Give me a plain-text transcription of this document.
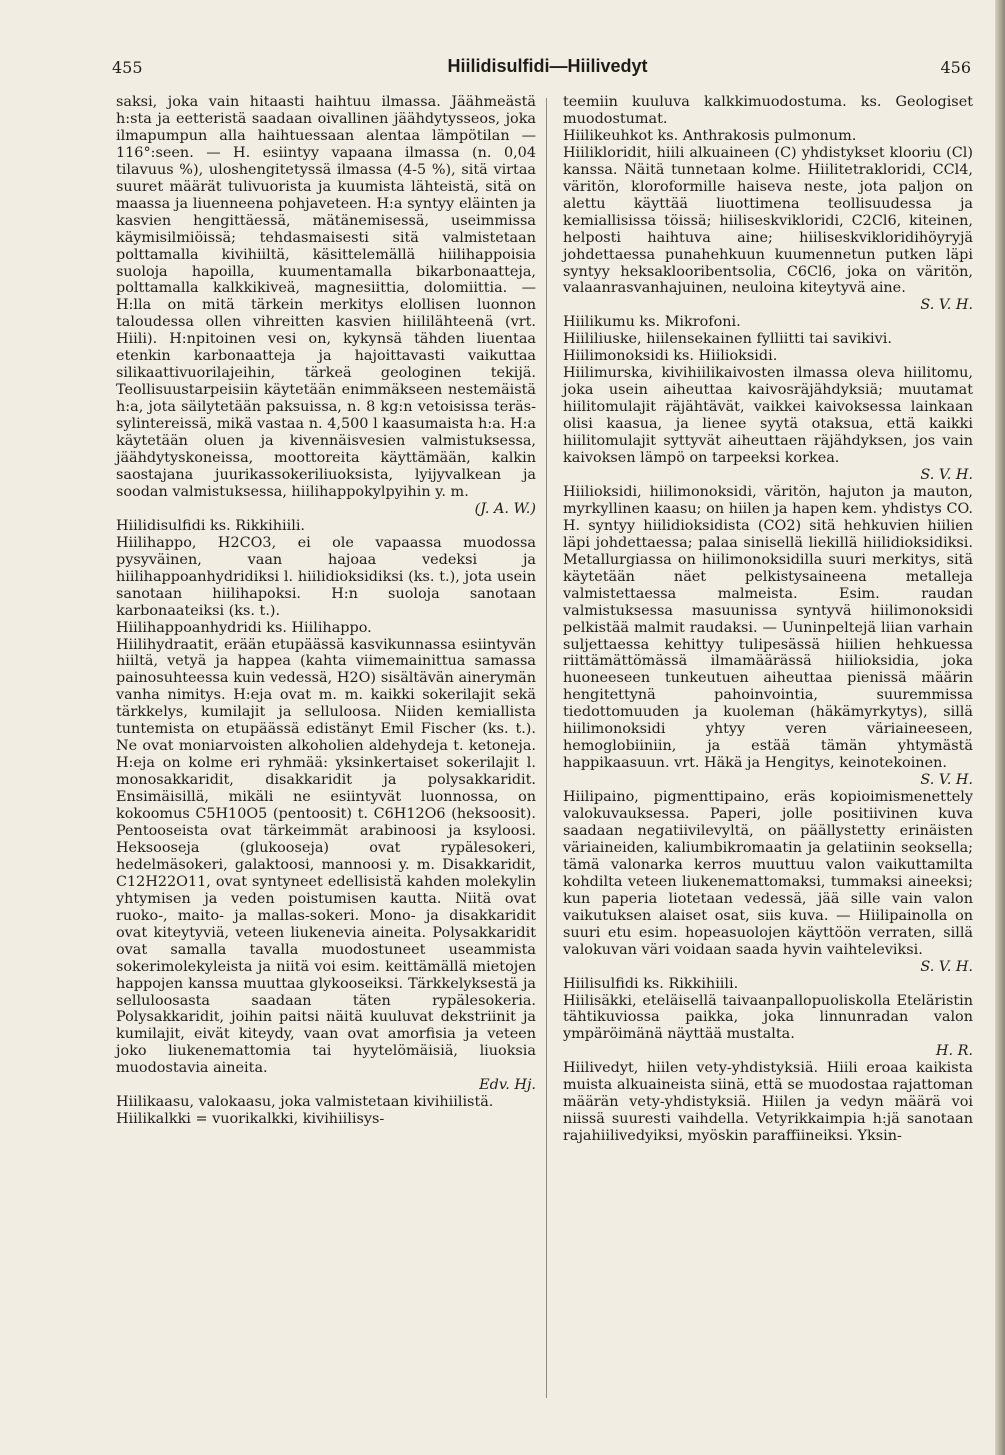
455	Hiilidisulfidi—Hiilivedyt	456

saksi, joka vain hitaasti haihtuu ilmassa. Jäähmeästä h:sta ja eetteristä saadaan oivallinen jäähdytysseos, joka ilmapumpun alla haihtuessaan alentaa lämpötilan — 116°:seen. — H. esiintyy vapaana ilmassa (n. 0,04 tilavuus %), uloshengitetyssä ilmassa (4-5 %), sitä virtaa suuret määrät tulivuorista ja kuumista lähteistä, sitä on maassa ja liuenneena pohjaveteen. H:a syntyy eläinten ja kasvien hengittäessä, mätänemisessä, useimmissa käymisilmiöissä; tehdasmaisesti sitä valmistetaan polttamalla kivihiiltä, käsittelemällä hiilihappoisia suoloja hapoilla, kuumentamalla bikarbonaatteja, polttamalla kalkkikiveä, magnesiittia, dolomiittia. — H:lla on mitä tärkein merkitys elollisen luonnon taloudessa ollen vihreitten kasvien hiililähteenä (vrt. Hiili). H:npitoinen vesi on, kykynsä tähden liuentaa etenkin karbonaatteja ja hajoittavasti vaikuttaa silikaattivuorilajeihin, tärkeä geologinen tekijä. Teollisuustarpeisiin käytetään enimmäkseen nestemäistä h:a, jota säilytetään paksuissa, n. 8 kg:n vetoisissa teräs-sylintereissä, mikä vastaa n. 4,500 l kaasumaista h:a. H:a käytetään oluen ja kivennäisvesien valmistuksessa, jäähdytyskoneissa, moottoreita käyttämään, kalkin saostajana juurikassokeriliuoksista, lyijyvalkean ja soodan valmistuksessa, hiilihappokylpyihin y. m.

(J. A. W.)

Hiilidisulfidi ks. Rikkihiili.

Hiilihappo, H2CO3, ei ole vapaassa muodossa pysyväinen, vaan hajoaa vedeksi ja hiilihappoanhydridiksi l. hiilidioksidiksi (ks. t.), jota usein sanotaan hiilihapoksi. H:n suoloja sanotaan karbonaateiksi (ks. t.).

Hiilihappoanhydridi ks. Hiilihappo.

Hiilihydraatit, erään etupäässä kasvikunnassa esiintyvän hiiltä, vetyä ja happea (kahta viimemainittua samassa painosuhteessa kuin vedessä, H2O) sisältävän ainerymän vanha nimitys. H:eja ovat m. m. kaikki sokerilajit sekä tärkkelys, kumilajit ja selluloosa. Niiden kemiallista tuntemista on etupäässä edistänyt Emil Fischer (ks. t.). Ne ovat moniarvoisten alkoholien aldehydeja t. ketoneja. H:eja on kolme eri ryhmää: yksinkertaiset sokerilajit l. monosakkaridit, disakkaridit ja polysakkaridit. Ensimäisillä, mikäli ne esiintyvät luonnossa, on kokoomus C5H10O5 (pentoosit) t. C6H12O6 (heksoosit). Pentooseista ovat tärkeimmät arabinoosi ja ksyloosi. Heksooseja (glukooseja) ovat rypälesokeri, hedelmäsokeri, galaktoosi, mannoosi y. m. Disakkaridit, C12H22O11, ovat syntyneet edellisistä kahden molekylin yhtymisen ja veden poistumisen kautta. Niitä ovat ruoko-, maito- ja mallas-sokeri. Mono- ja disakkaridit ovat kiteytyviä, veteen liukenevia aineita. Polysakkaridit ovat samalla tavalla muodostuneet useammista sokerimolekyleista ja niitä voi esim. keittämällä mietojen happojen kanssa muuttaa glykooseiksi. Tärkkelyksestä ja selluloosasta saadaan täten rypälesokeria. Polysakkaridit, joihin paitsi näitä kuuluvat dekstriinit ja kumilajit, eivät kiteydy, vaan ovat amorfisia ja veteen joko liukenemattomia tai hyytelömäisiä, liuoksia muodostavia aineita.

Edv. Hj.

Hiilikaasu, valokaasu, joka valmistetaan kivihiilistä.

Hiilikalkki = vuorikalkki, kivihiilisys-

teemiin kuuluva kalkkimuodostuma. ks. Geologiset muodostumat.

Hiilikeuhkot ks. Anthrakosis pulmonum.

Hiilikloridit, hiili alkuaineen (C) yhdistykset klooriu (Cl) kanssa. Näitä tunnetaan kolme. Hiilitetrakloridi, CCl4, väritön, kloroformille haiseva neste, jota paljon on alettu käyttää liuottimena teollisuudessa ja kemiallisissa töissä; hiiliseskvikloridi, C2Cl6, kiteinen, helposti haihtuva aine; hiiliseskvikloridihöyryjä johdettaessa punahehkuun kuumennetun putken läpi syntyy heksaklooribentsolia, C6Cl6, joka on väritön, valaanrasvanhajuinen, neuloina kiteytyvä aine.

S. V. H.

Hiilikumu ks. Mikrofoni.

Hiililiuske, hiilensekainen fylliitti tai savikivi.

Hiilimonoksidi ks. Hiilioksidi.

Hiilimurska, kivihiilikaivosten ilmassa oleva hiilitomu, joka usein aiheuttaa kaivosräjähdyksiä; muutamat hiilitomulajit räjähtävät, vaikkei kaivoksessa lainkaan olisi kaasua, ja lienee syytä otaksua, että kaikki hiilitomulajit syttyvät aiheuttaen räjähdyksen, jos vain kaivoksen lämpö on tarpeeksi korkea.

S. V. H.

Hiilioksidi, hiilimonoksidi, väritön, hajuton ja mauton, myrkyllinen kaasu; on hiilen ja hapen kem. yhdistys CO. H. syntyy hiilidioksidista (CO2) sitä hehkuvien hiilien läpi johdettaessa; palaa sinisellä liekillä hiilidioksidiksi. Metallurgiassa on hiilimonoksidilla suuri merkitys, sitä käytetään näet pelkistysaineena metalleja valmistettaessa malmeista. Esim. raudan valmistuksessa masuunissa syntyvä hiilimonoksidi pelkistää malmit raudaksi. — Uuninpeltejä liian varhain suljettaessa kehittyy tulipesässä hiilien hehkuessa riittämättömässä ilmamäärässä hiilioksidia, joka huoneeseen tunkeutuen aiheuttaa pienissä määrin hengitettynä pahoinvointia, suuremmissa tiedottomuuden ja kuoleman (häkämyrkytys), sillä hiilimonoksidi yhtyy veren väriaineeseen, hemoglobiiniin, ja estää tämän yhtymästä happikaasuun. vrt. Häkä ja Hengitys, keinotekoinen.

S. V. H.

Hiilipaino, pigmenttipaino, eräs kopioimismenettely valokuvauksessa. Paperi, jolle positiivinen kuva saadaan negatiivilevyltä, on päällystetty erinäisten väriaineiden, kaliumbikromaatin ja gelatiinin seoksella; tämä valonarka kerros muuttuu valon vaikuttamilta kohdilta veteen liukenemattomaksi, tummaksi aineeksi; kun paperia liotetaan vedessä, jää sille vain valon vaikutuksen alaiset osat, siis kuva. — Hiilipainolla on suuri etu esim. hopeasuolojen käyttöön verraten, sillä valokuvan väri voidaan saada hyvin vaihteleviksi.

S. V. H.

Hiilisulfidi ks. Rikkihiili.

Hiilisäkki, eteläisellä taivaanpallopuoliskolla Eteläristin tähtikuviossa paikka, joka linnunradan valon ympäröimänä näyttää mustalta.

H. R.

Hiilivedyt, hiilen vety-yhdistyksiä. Hiili eroaa kaikista muista alkuaineista siinä, että se muodostaa rajattoman määrän vety-yhdistyksiä. Hiilen ja vedyn määrä voi niissä suuresti vaihdella. Vetyrikkaimpia h:jä sanotaan rajahiilivedyiksi, myöskin paraffiineiksi. Yksin-
